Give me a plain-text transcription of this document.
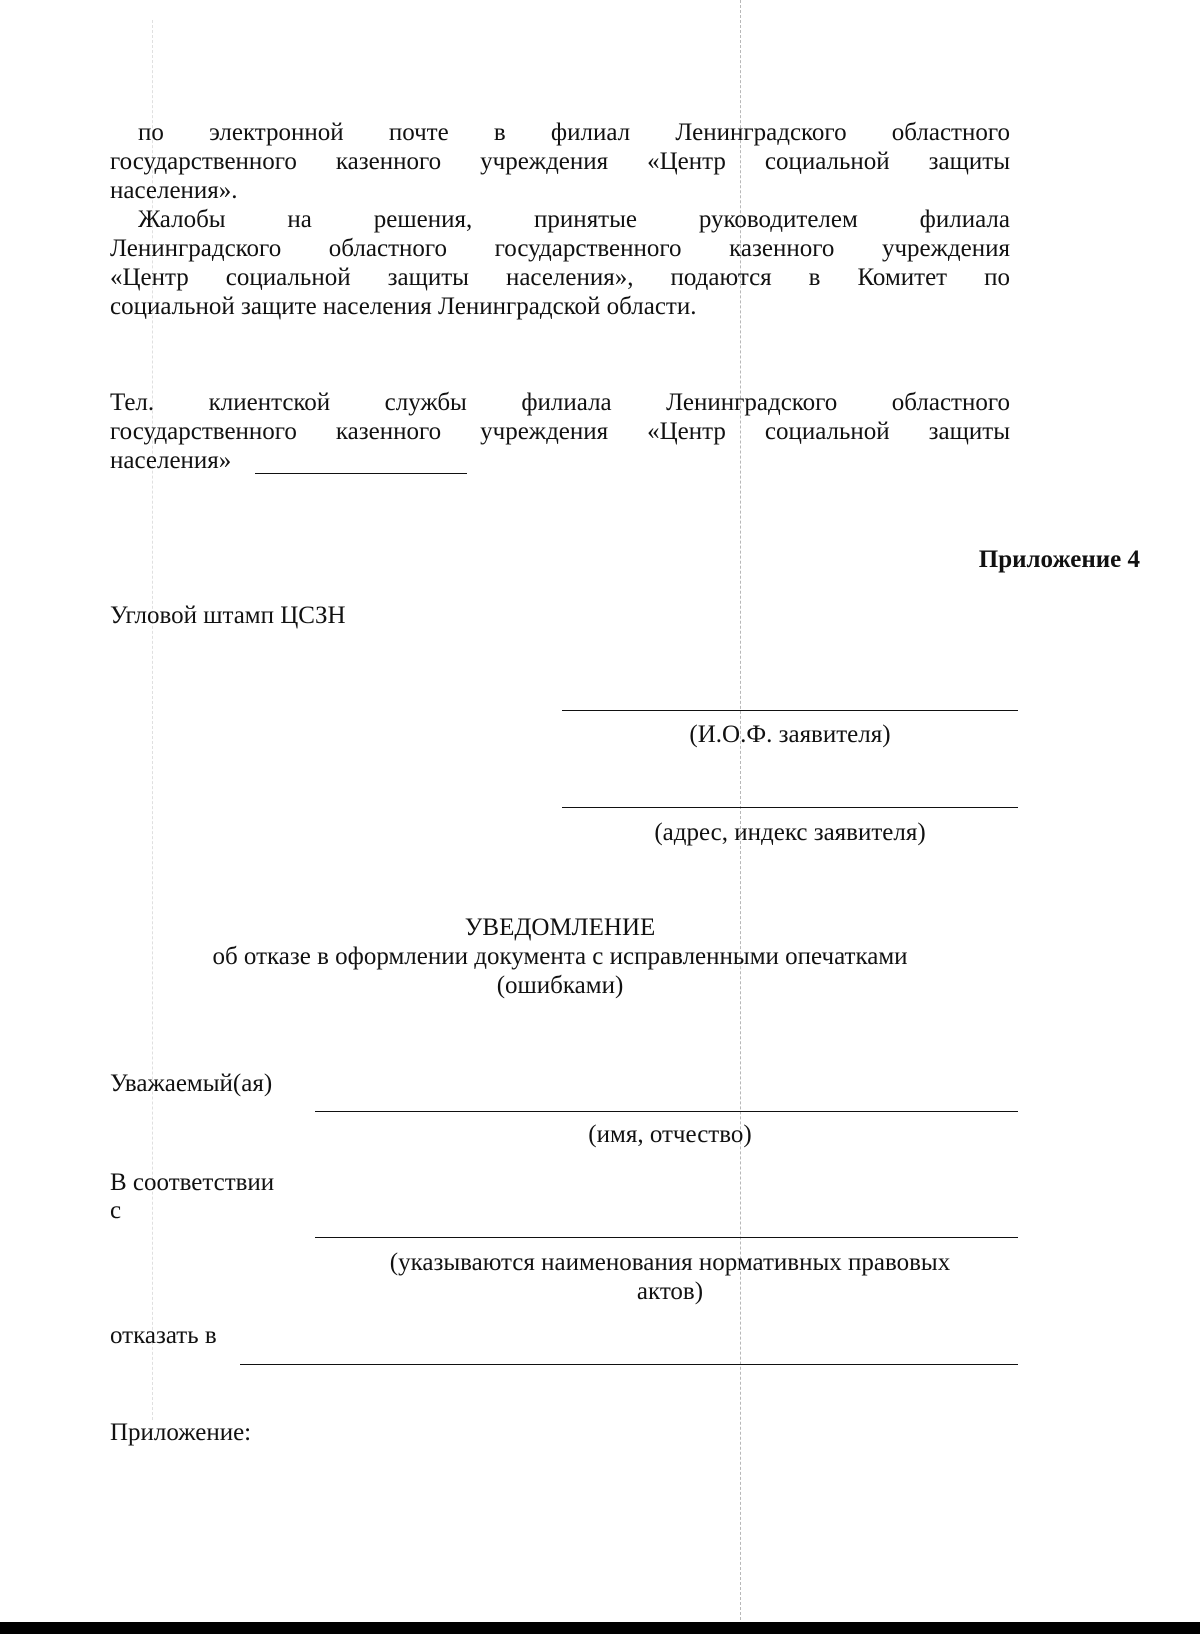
по электронной почте в филиал Ленинградского областного
государственного казенного учреждения «Центр социальной защиты
населения».
Жалобы на решения, принятые руководителем филиала
Ленинградского областного государственного казенного учреждения
«Центр социальной защиты населения», подаются в Комитет по
социальной защите населения Ленинградской области.
Тел. клиентской службы филиала Ленинградского областного
государственного казенного учреждения «Центр социальной защиты
населения»
Приложение 4
Угловой штамп ЦСЗН
(И.О.Ф. заявителя)
(адрес, индекс заявителя)
УВЕДОМЛЕНИЕ
об отказе в оформлении документа с исправленными опечатками
(ошибками)
Уважаемый(ая)
(имя, отчество)
В соответствии
с
(указываются наименования нормативных правовых
актов)
отказать в
Приложение:
